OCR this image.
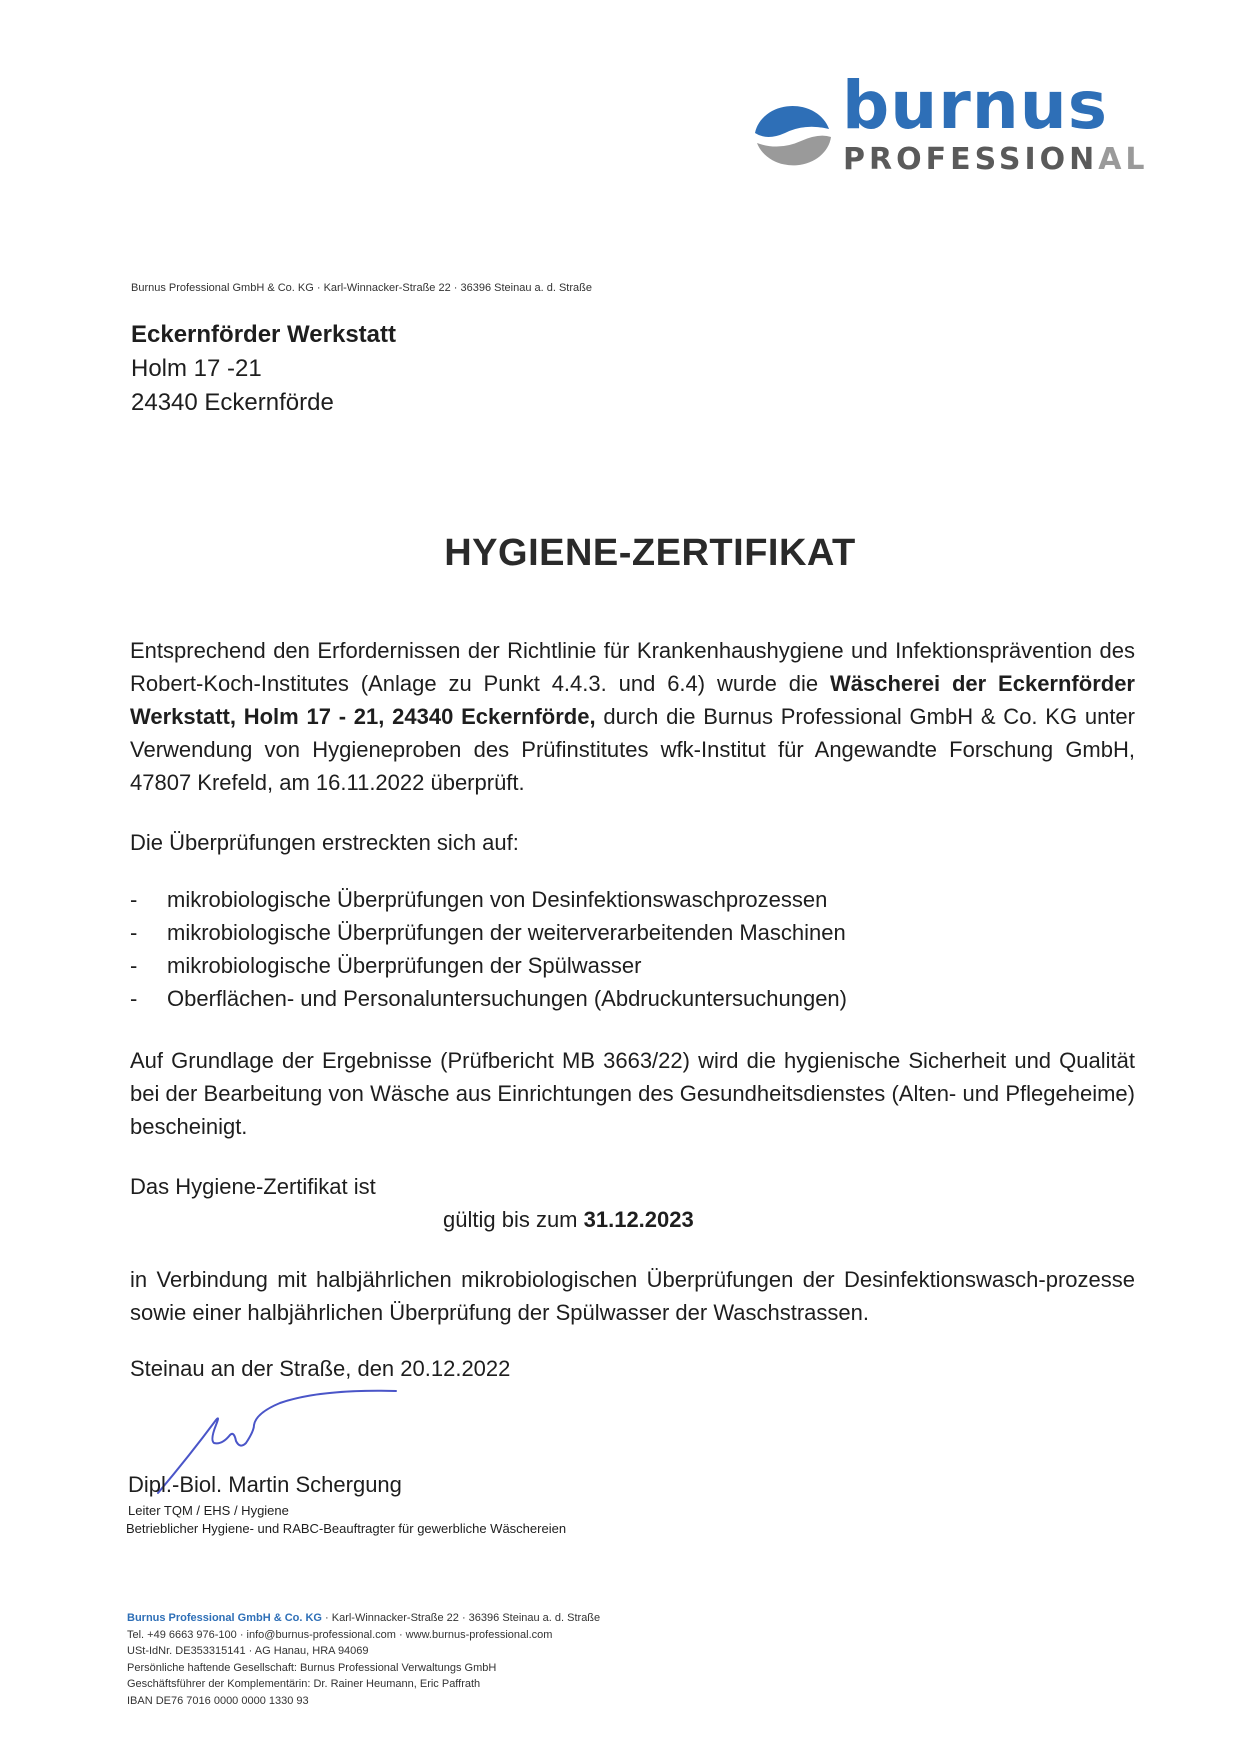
burnus
PROFESSIONAL
Burnus Professional GmbH & Co. KG · Karl-Winnacker-Straße 22 · 36396 Steinau a. d. Straße
Eckernförder Werkstatt
Holm 17 -21
24340 Eckernförde
HYGIENE-ZERTIFIKAT
Entsprechend den Erfordernissen der Richtlinie für Krankenhaushygiene und Infektionsprävention des Robert-Koch-Institutes (Anlage zu Punkt 4.4.3. und 6.4) wurde die Wäscherei der Eckernförder Werkstatt, Holm 17 - 21, 24340 Eckernförde, durch die Burnus Professional GmbH & Co. KG unter Verwendung von Hygieneproben des Prüfinstitutes wfk-Institut für Angewandte Forschung GmbH, 47807 Krefeld, am 16.11.2022 überprüft.
Die Überprüfungen erstreckten sich auf:
- mikrobiologische Überprüfungen von Desinfektionswaschprozessen
- mikrobiologische Überprüfungen der weiterverarbeitenden Maschinen
- mikrobiologische Überprüfungen der Spülwasser
- Oberflächen- und Personaluntersuchungen (Abdruckuntersuchungen)
Auf Grundlage der Ergebnisse (Prüfbericht MB 3663/22) wird die hygienische Sicherheit und Qualität bei der Bearbeitung von Wäsche aus Einrichtungen des Gesundheitsdienstes (Alten- und Pflegeheime) bescheinigt.
Das Hygiene-Zertifikat ist
gültig bis zum 31.12.2023
in Verbindung mit halbjährlichen mikrobiologischen Überprüfungen der Desinfektionswasch-prozesse sowie einer halbjährlichen Überprüfung der Spülwasser der Waschstrassen.
Steinau an der Straße, den 20.12.2022
Dipl.-Biol. Martin Schergung
Leiter TQM / EHS / Hygiene
Betrieblicher Hygiene- und RABC-Beauftragter für gewerbliche Wäschereien
Burnus Professional GmbH & Co. KG · Karl-Winnacker-Straße 22 · 36396 Steinau a. d. Straße
Tel. +49 6663 976-100 · info@burnus-professional.com · www.burnus-professional.com
USt-IdNr. DE353315141 · AG Hanau, HRA 94069
Persönliche haftende Gesellschaft: Burnus Professional Verwaltungs GmbH
Geschäftsführer der Komplementärin: Dr. Rainer Heumann, Eric Paffrath
IBAN DE76 7016 0000 0000 1330 93
